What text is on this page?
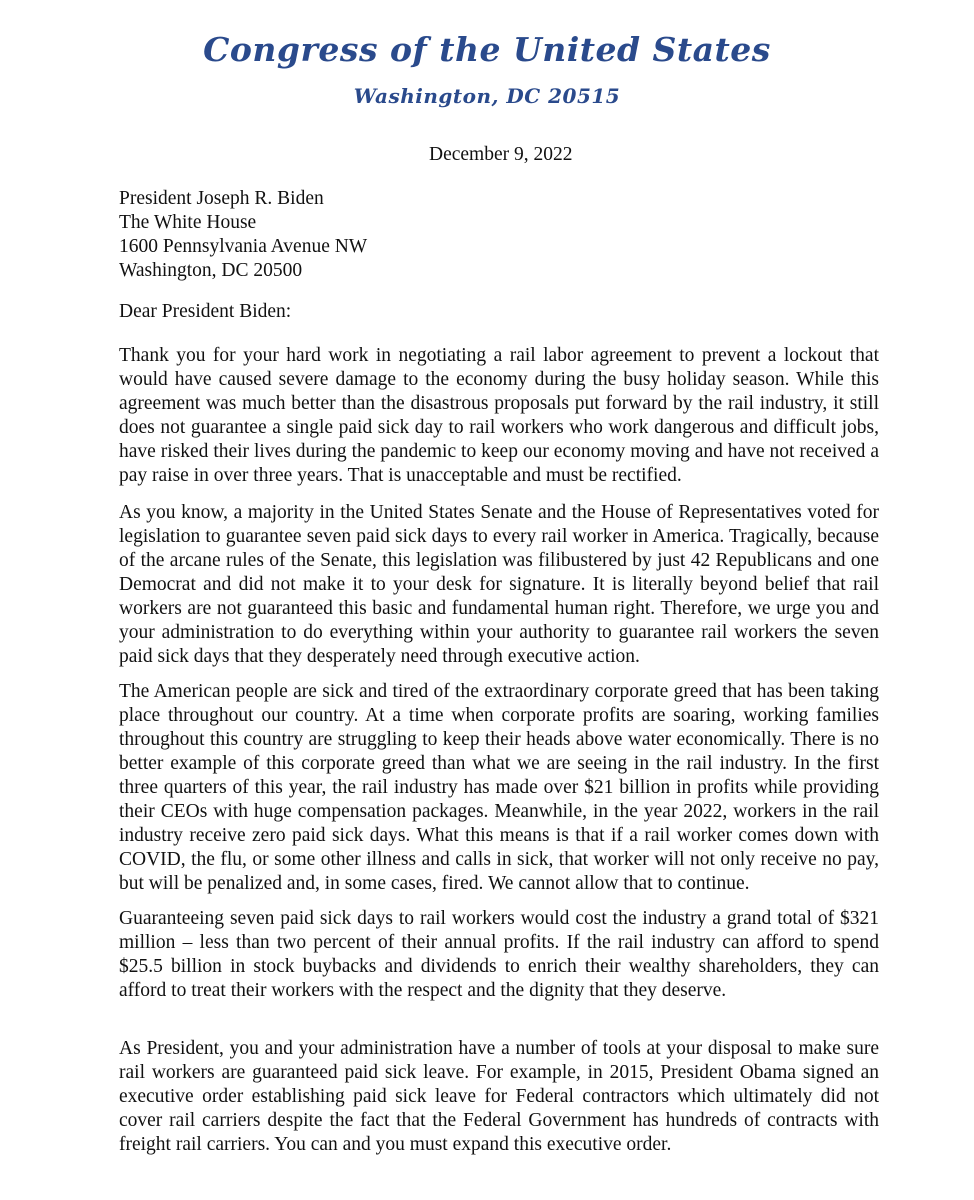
Congress of the United States
Washington, DC 20515
December 9, 2022
President Joseph R. Biden
The White House
1600 Pennsylvania Avenue NW
Washington, DC 20500
Dear President Biden:
Thank you for your hard work in negotiating a rail labor agreement to prevent a lockout that would have caused severe damage to the economy during the busy holiday season. While this agreement was much better than the disastrous proposals put forward by the rail industry, it still does not guarantee a single paid sick day to rail workers who work dangerous and difficult jobs, have risked their lives during the pandemic to keep our economy moving and have not received a pay raise in over three years. That is unacceptable and must be rectified.
As you know, a majority in the United States Senate and the House of Representatives voted for legislation to guarantee seven paid sick days to every rail worker in America. Tragically, because of the arcane rules of the Senate, this legislation was filibustered by just 42 Republicans and one Democrat and did not make it to your desk for signature. It is literally beyond belief that rail workers are not guaranteed this basic and fundamental human right. Therefore, we urge you and your administration to do everything within your authority to guarantee rail workers the seven paid sick days that they desperately need through executive action.
The American people are sick and tired of the extraordinary corporate greed that has been taking place throughout our country. At a time when corporate profits are soaring, working families throughout this country are struggling to keep their heads above water economically. There is no better example of this corporate greed than what we are seeing in the rail industry. In the first three quarters of this year, the rail industry has made over $21 billion in profits while providing their CEOs with huge compensation packages. Meanwhile, in the year 2022, workers in the rail industry receive zero paid sick days. What this means is that if a rail worker comes down with COVID, the flu, or some other illness and calls in sick, that worker will not only receive no pay, but will be penalized and, in some cases, fired. We cannot allow that to continue.
Guaranteeing seven paid sick days to rail workers would cost the industry a grand total of $321 million – less than two percent of their annual profits. If the rail industry can afford to spend $25.5 billion in stock buybacks and dividends to enrich their wealthy shareholders, they can afford to treat their workers with the respect and the dignity that they deserve.
As President, you and your administration have a number of tools at your disposal to make sure rail workers are guaranteed paid sick leave. For example, in 2015, President Obama signed an executive order establishing paid sick leave for Federal contractors which ultimately did not cover rail carriers despite the fact that the Federal Government has hundreds of contracts with freight rail carriers. You can and you must expand this executive order.
